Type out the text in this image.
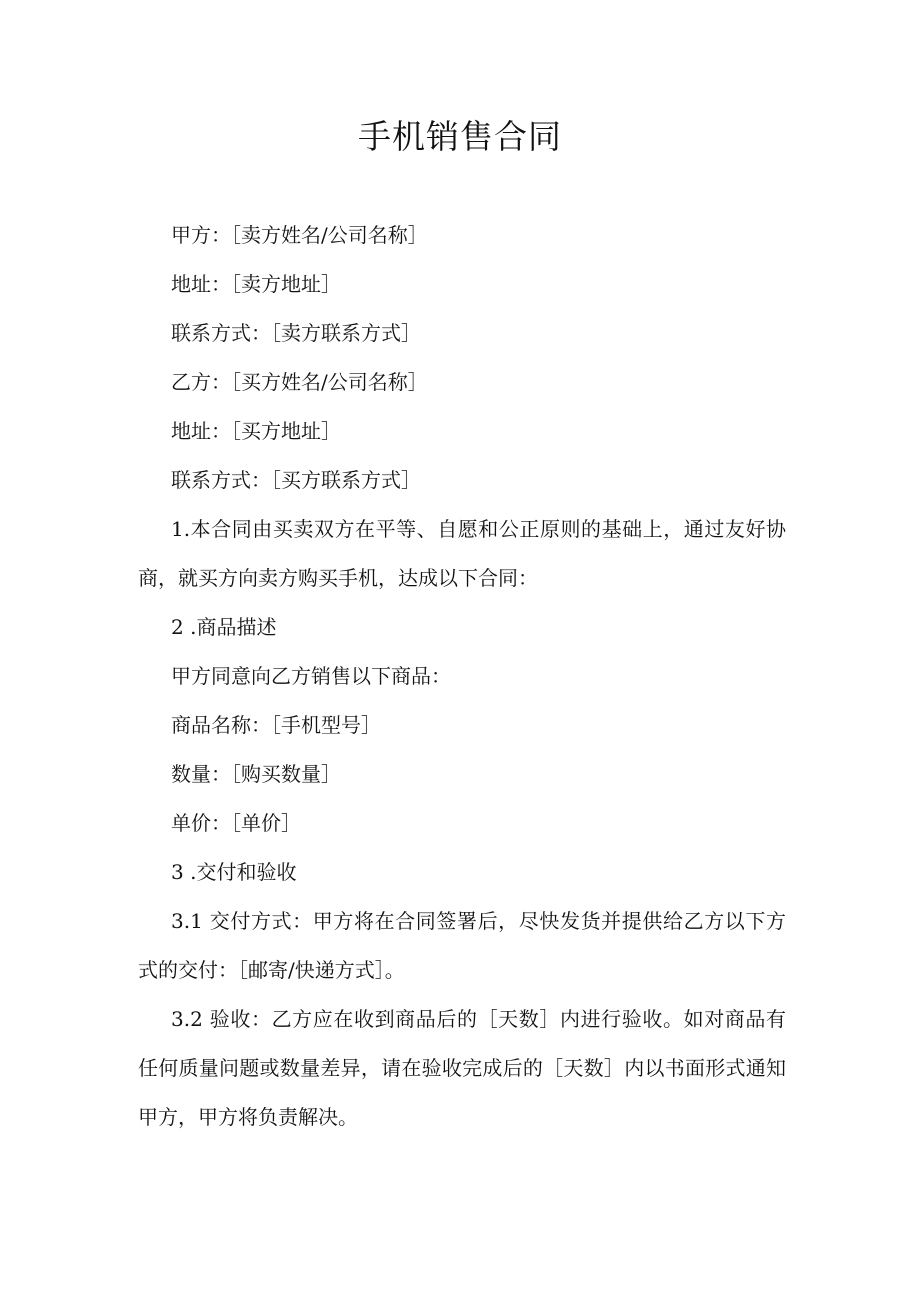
手机销售合同

甲方：［卖方姓名/公司名称］

地址：［卖方地址］

联系方式：［卖方联系方式］

乙方：［买方姓名/公司名称］

地址：［买方地址］

联系方式：［买方联系方式］

1.本合同由买卖双方在平等、自愿和公正原则的基础上，通过友好协商，就买方向卖方购买手机，达成以下合同：

2 .商品描述

甲方同意向乙方销售以下商品：

商品名称：［手机型号］

数量：［购买数量］

单价：［单价］

3 .交付和验收

3.1 交付方式：甲方将在合同签署后，尽快发货并提供给乙方以下方式的交付：［邮寄/快递方式］。

3.2 验收：乙方应在收到商品后的［天数］内进行验收。如对商品有任何质量问题或数量差异，请在验收完成后的［天数］内以书面形式通知甲方，甲方将负责解决。
